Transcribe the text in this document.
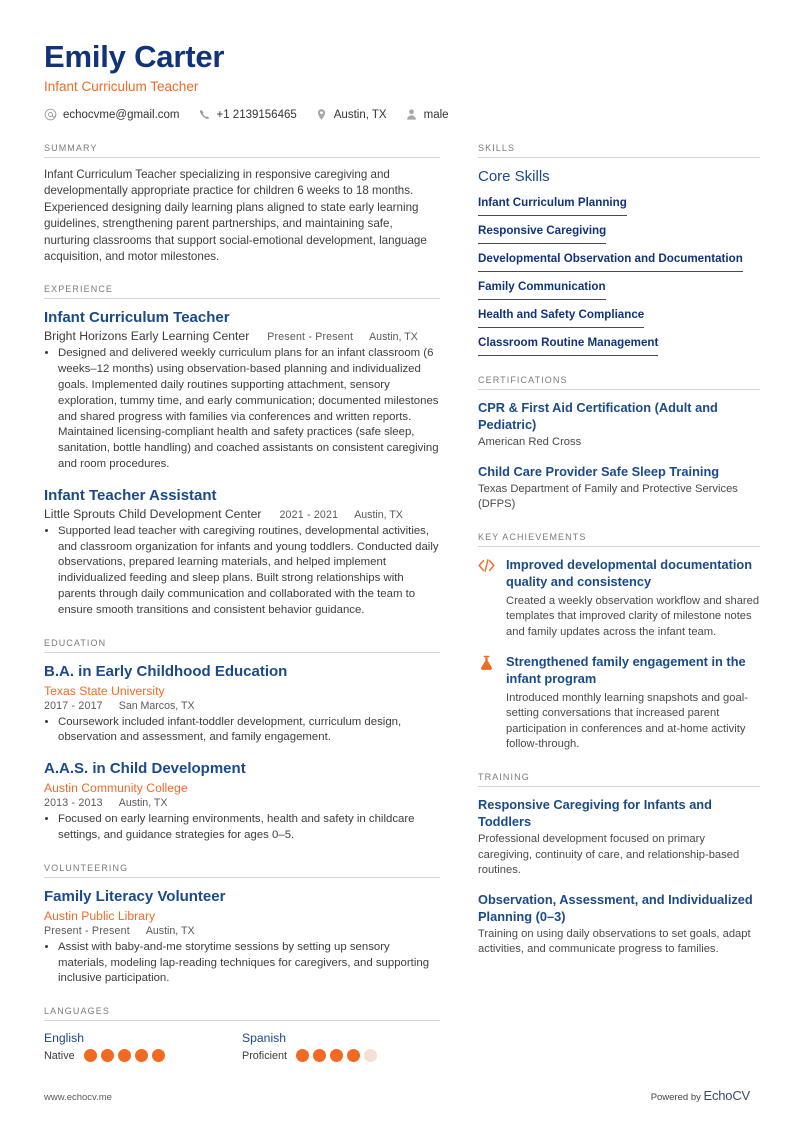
Emily Carter
Infant Curriculum Teacher
echocvme@gmail.com	+1 2139156465	Austin, TX	male
SUMMARY

Infant Curriculum Teacher specializing in responsive caregiving and developmentally appropriate practice for children 6 weeks to 18 months. Experienced designing daily learning plans aligned to state early learning guidelines, strengthening parent partnerships, and maintaining safe, nurturing classrooms that support social-emotional development, language acquisition, and motor milestones.

EXPERIENCE
Infant Curriculum Teacher
Bright Horizons Early Learning Center Present - Present Austin, TX
• Designed and delivered weekly curriculum plans for an infant classroom (6 weeks–12 months) using observation-based planning and individualized goals. Implemented daily routines supporting attachment, sensory exploration, tummy time, and early communication; documented milestones and shared progress with families via conferences and written reports. Maintained licensing-compliant health and safety practices (safe sleep, sanitation, bottle handling) and coached assistants on consistent caregiving and room procedures.
Infant Teacher Assistant
Little Sprouts Child Development Center 2021 - 2021 Austin, TX
• Supported lead teacher with caregiving routines, developmental activities, and classroom organization for infants and young toddlers. Conducted daily observations, prepared learning materials, and helped implement individualized feeding and sleep plans. Built strong relationships with parents through daily communication and collaborated with the team to ensure smooth transitions and consistent behavior guidance.
EDUCATION
B.A. in Early Childhood Education
Texas State University
2017 - 2017 San Marcos, TX
• Coursework included infant-toddler development, curriculum design, observation and assessment, and family engagement.
A.A.S. in Child Development
Austin Community College
2013 - 2013 Austin, TX
• Focused on early learning environments, health and safety in childcare settings, and guidance strategies for ages 0–5.
VOLUNTEERING
Family Literacy Volunteer
Austin Public Library
Present - Present Austin, TX
• Assist with baby-and-me storytime sessions by setting up sensory materials, modeling lap-reading techniques for caregivers, and supporting inclusive participation.
LANGUAGES
English
Native
Spanish
Proficient
SKILLS
Core Skills
Infant Curriculum Planning
Responsive Caregiving
Developmental Observation and Documentation
Family Communication
Health and Safety Compliance
Classroom Routine Management
CERTIFICATIONS
CPR & First Aid Certification (Adult and Pediatric)

American Red Cross

Child Care Provider Safe Sleep Training

Texas Department of Family and Protective Services (DFPS)

KEY ACHIEVEMENTS
Improved developmental documentation quality and consistency

Created a weekly observation workflow and shared templates that improved clarity of milestone notes and family updates across the infant team.

Strengthened family engagement in the infant program

Introduced monthly learning snapshots and goal-setting conversations that increased parent participation in conferences and at-home activity follow-through.

TRAINING
Responsive Caregiving for Infants and Toddlers

Professional development focused on primary caregiving, continuity of care, and relationship-based routines.

Observation, Assessment, and Individualized Planning (0–3)

Training on using daily observations to set goals, adapt activities, and communicate progress to families.

www.echocv.me	Powered by EchoCV
